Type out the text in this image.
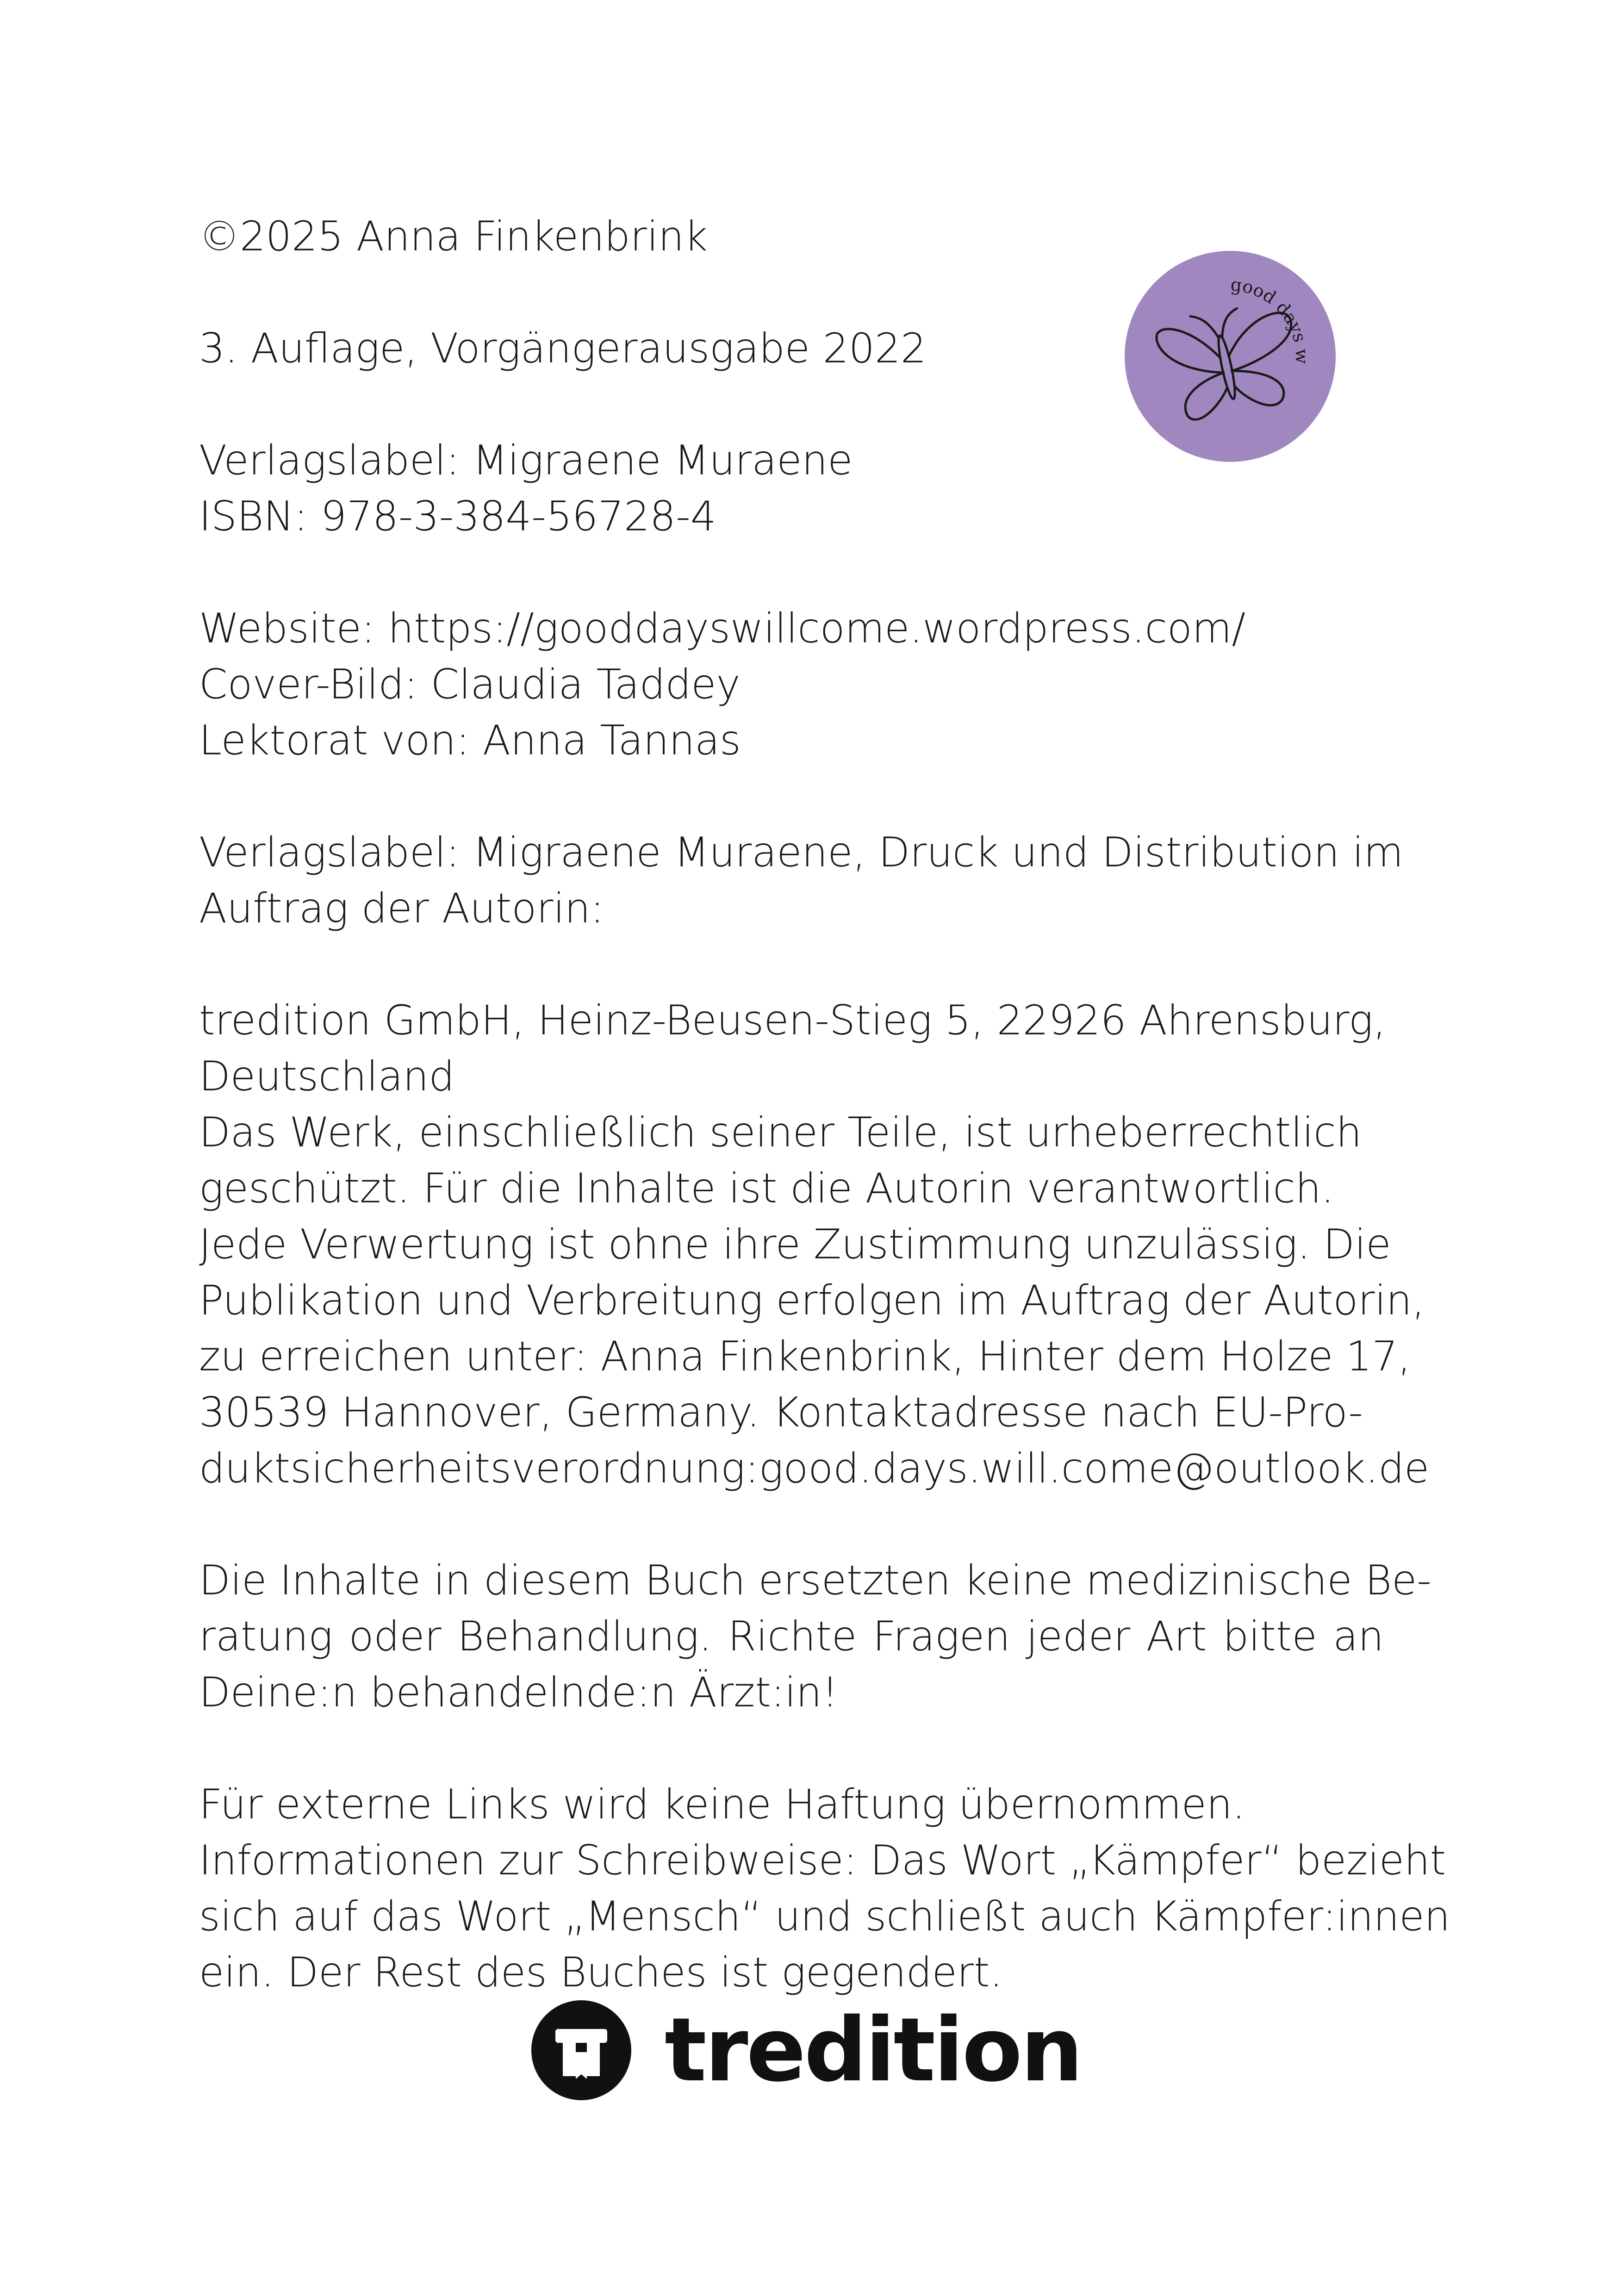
©2025 Anna Finkenbrink
3. Auflage, Vorgängerausgabe 2022
Verlagslabel: Migraene Muraene
ISBN: 978-3-384-56728-4
Website: https://gooddayswillcome.wordpress.com/
Cover-Bild: Claudia Taddey
Lektorat von: Anna Tannas
Verlagslabel: Migraene Muraene, Druck und Distribution im
Auftrag der Autorin:
tredition GmbH, Heinz-Beusen-Stieg 5, 22926 Ahrensburg,
Deutschland
Das Werk, einschließlich seiner Teile, ist urheberrechtlich
geschützt. Für die Inhalte ist die Autorin verantwortlich.
Jede Verwertung ist ohne ihre Zustimmung unzulässig. Die
Publikation und Verbreitung erfolgen im Auftrag der Autorin,
zu erreichen unter: Anna Finkenbrink, Hinter dem Holze 17,
30539 Hannover, Germany. Kontaktadresse nach EU-Pro-
duktsicherheitsverordnung:good.days.will.come@outlook.de
Die Inhalte in diesem Buch ersetzten keine medizinische Be-
ratung oder Behandlung. Richte Fragen jeder Art bitte an
Deine:n behandelnde:n Ärzt:in!
Für externe Links wird keine Haftung übernommen.
Informationen zur Schreibweise: Das Wort „Kämpfer“ bezieht
sich auf das Wort „Mensch“ und schließt auch Kämpfer:innen
ein. Der Rest des Buches ist gegendert.
good days will
tredition
